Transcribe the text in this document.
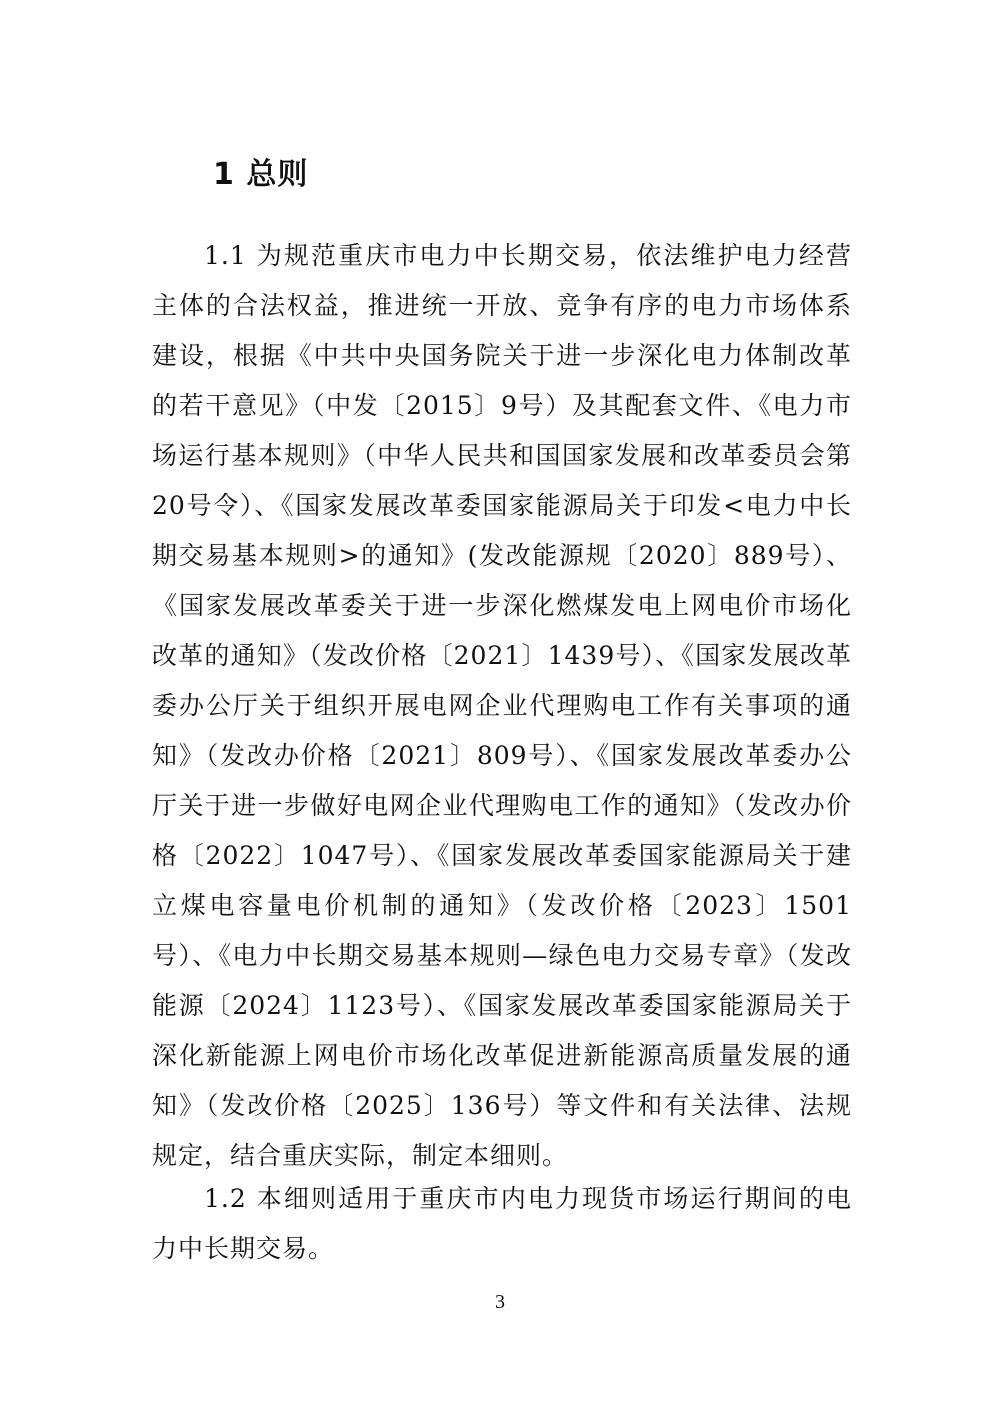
1 总则

1.1 为规范重庆市电力中长期交易，依法维护电力经营主体的合法权益，推进统一开放、竞争有序的电力市场体系建设，根据《中共中央国务院关于进一步深化电力体制改革的若干意见》（中发〔2015〕9号）及其配套文件、《电力市场运行基本规则》（中华人民共和国国家发展和改革委员会第20号令）、《国家发展改革委国家能源局关于印发<电力中长期交易基本规则>的通知》(发改能源规〔2020〕889号）、《国家发展改革委关于进一步深化燃煤发电上网电价市场化改革的通知》（发改价格〔2021〕1439号）、《国家发展改革委办公厅关于组织开展电网企业代理购电工作有关事项的通知》（发改办价格〔2021〕809号）、《国家发展改革委办公厅关于进一步做好电网企业代理购电工作的通知》（发改办价格〔2022〕1047号）、《国家发展改革委国家能源局关于建立煤电容量电价机制的通知》（发改价格〔2023〕1501号）、《电力中长期交易基本规则—绿色电力交易专章》（发改能源〔2024〕1123号）、《国家发展改革委国家能源局关于深化新能源上网电价市场化改革促进新能源高质量发展的通知》（发改价格〔2025〕136号）等文件和有关法律、法规规定，结合重庆实际，制定本细则。

1.2 本细则适用于重庆市内电力现货市场运行期间的电力中长期交易。

3
